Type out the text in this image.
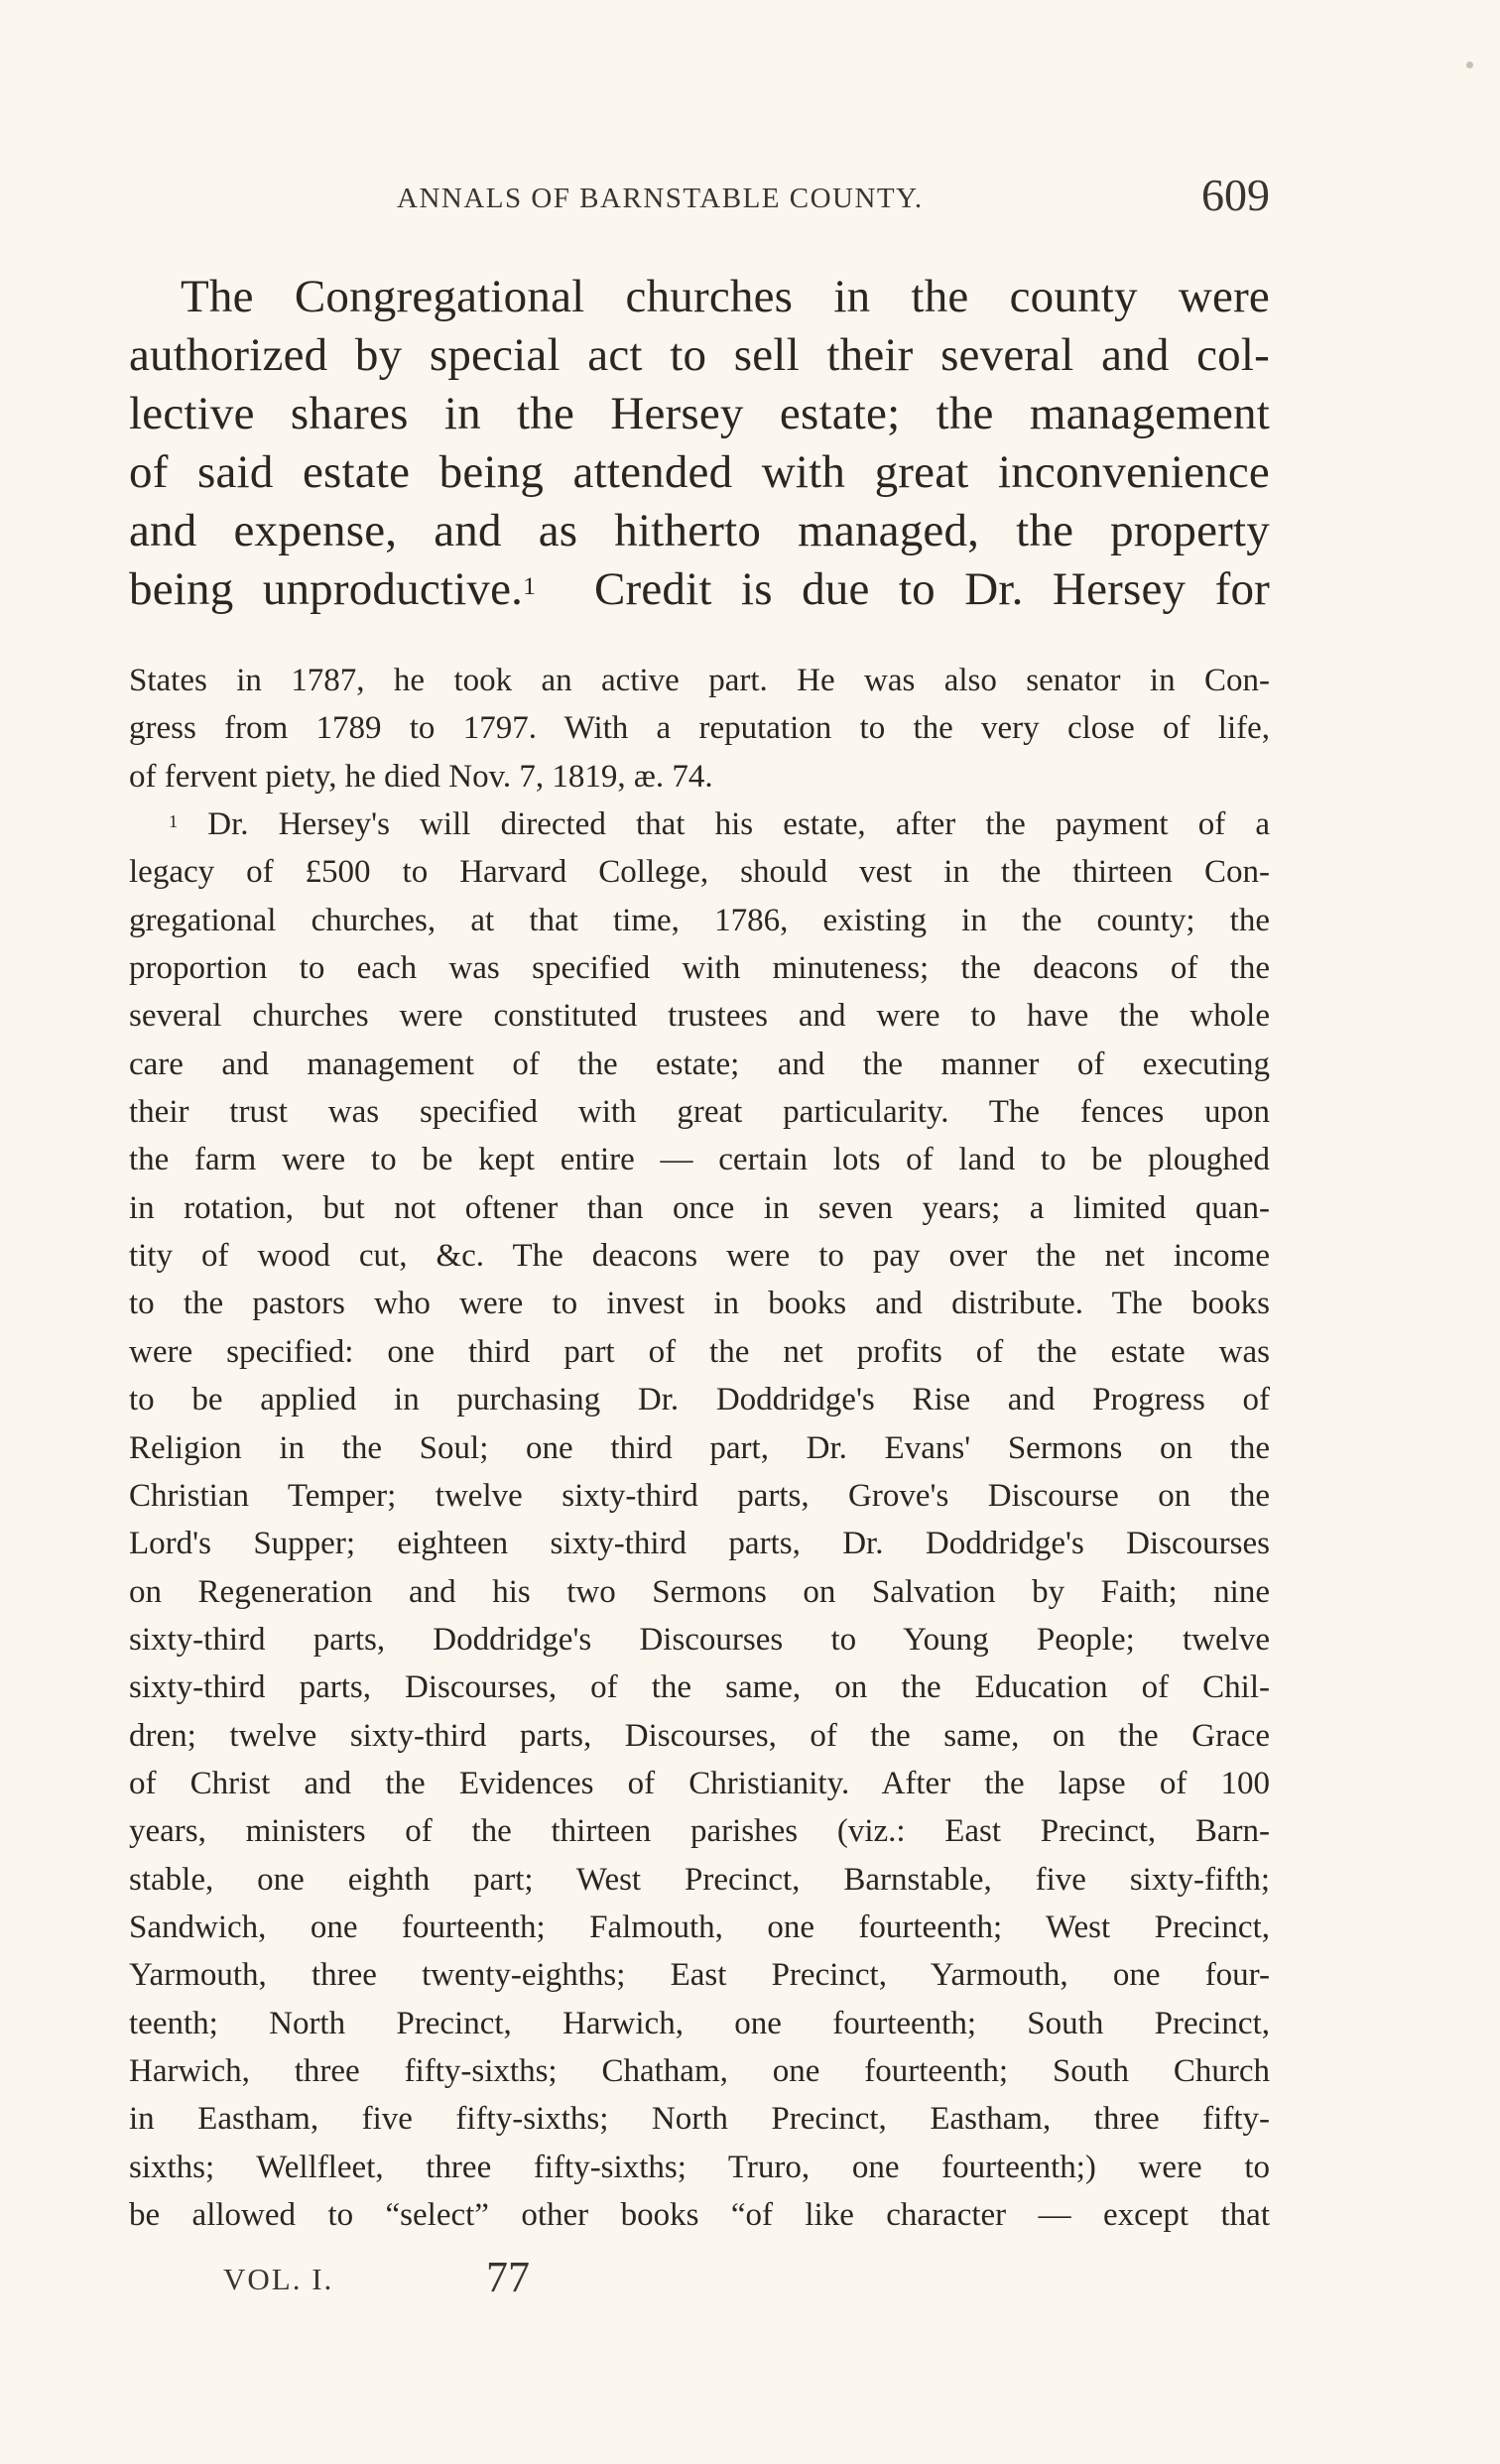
ANNALS OF BARNSTABLE COUNTY.	609
The Congregational churches in the county were
authorized by special act to sell their several and col-
lective shares in the Hersey estate; the management
of said estate being attended with great inconvenience
and expense, and as hitherto managed, the property
being unproductive.$^1$ Credit is due to Dr. Hersey for
States in 1787, he took an active part. He was also senator in Con-
gress from 1789 to 1797. With a reputation to the very close of life,
of fervent piety, he died Nov. 7, 1819, æ. 74.
$^1$ Dr. Hersey's will directed that his estate, after the payment of a
legacy of £500 to Harvard College, should vest in the thirteen Con-
gregational churches, at that time, 1786, existing in the county; the
proportion to each was specified with minuteness; the deacons of the
several churches were constituted trustees and were to have the whole
care and management of the estate; and the manner of executing
their trust was specified with great particularity. The fences upon
the farm were to be kept entire — certain lots of land to be ploughed
in rotation, but not oftener than once in seven years; a limited quan-
tity of wood cut, &c. The deacons were to pay over the net income
to the pastors who were to invest in books and distribute. The books
were specified: one third part of the net profits of the estate was
to be applied in purchasing Dr. Doddridge's Rise and Progress of
Religion in the Soul; one third part, Dr. Evans' Sermons on the
Christian Temper; twelve sixty-third parts, Grove's Discourse on the
Lord's Supper; eighteen sixty-third parts, Dr. Doddridge's Discourses
on Regeneration and his two Sermons on Salvation by Faith; nine
sixty-third parts, Doddridge's Discourses to Young People; twelve
sixty-third parts, Discourses, of the same, on the Education of Chil-
dren; twelve sixty-third parts, Discourses, of the same, on the Grace
of Christ and the Evidences of Christianity. After the lapse of 100
years, ministers of the thirteen parishes (viz.: East Precinct, Barn-
stable, one eighth part; West Precinct, Barnstable, five sixty-fifth;
Sandwich, one fourteenth; Falmouth, one fourteenth; West Precinct,
Yarmouth, three twenty-eighths; East Precinct, Yarmouth, one four-
teenth; North Precinct, Harwich, one fourteenth; South Precinct,
Harwich, three fifty-sixths; Chatham, one fourteenth; South Church
in Eastham, five fifty-sixths; North Precinct, Eastham, three fifty-
sixths; Wellfleet, three fifty-sixths; Truro, one fourteenth;) were to
be allowed to “select” other books “of like character — except that
VOL. I.	77
